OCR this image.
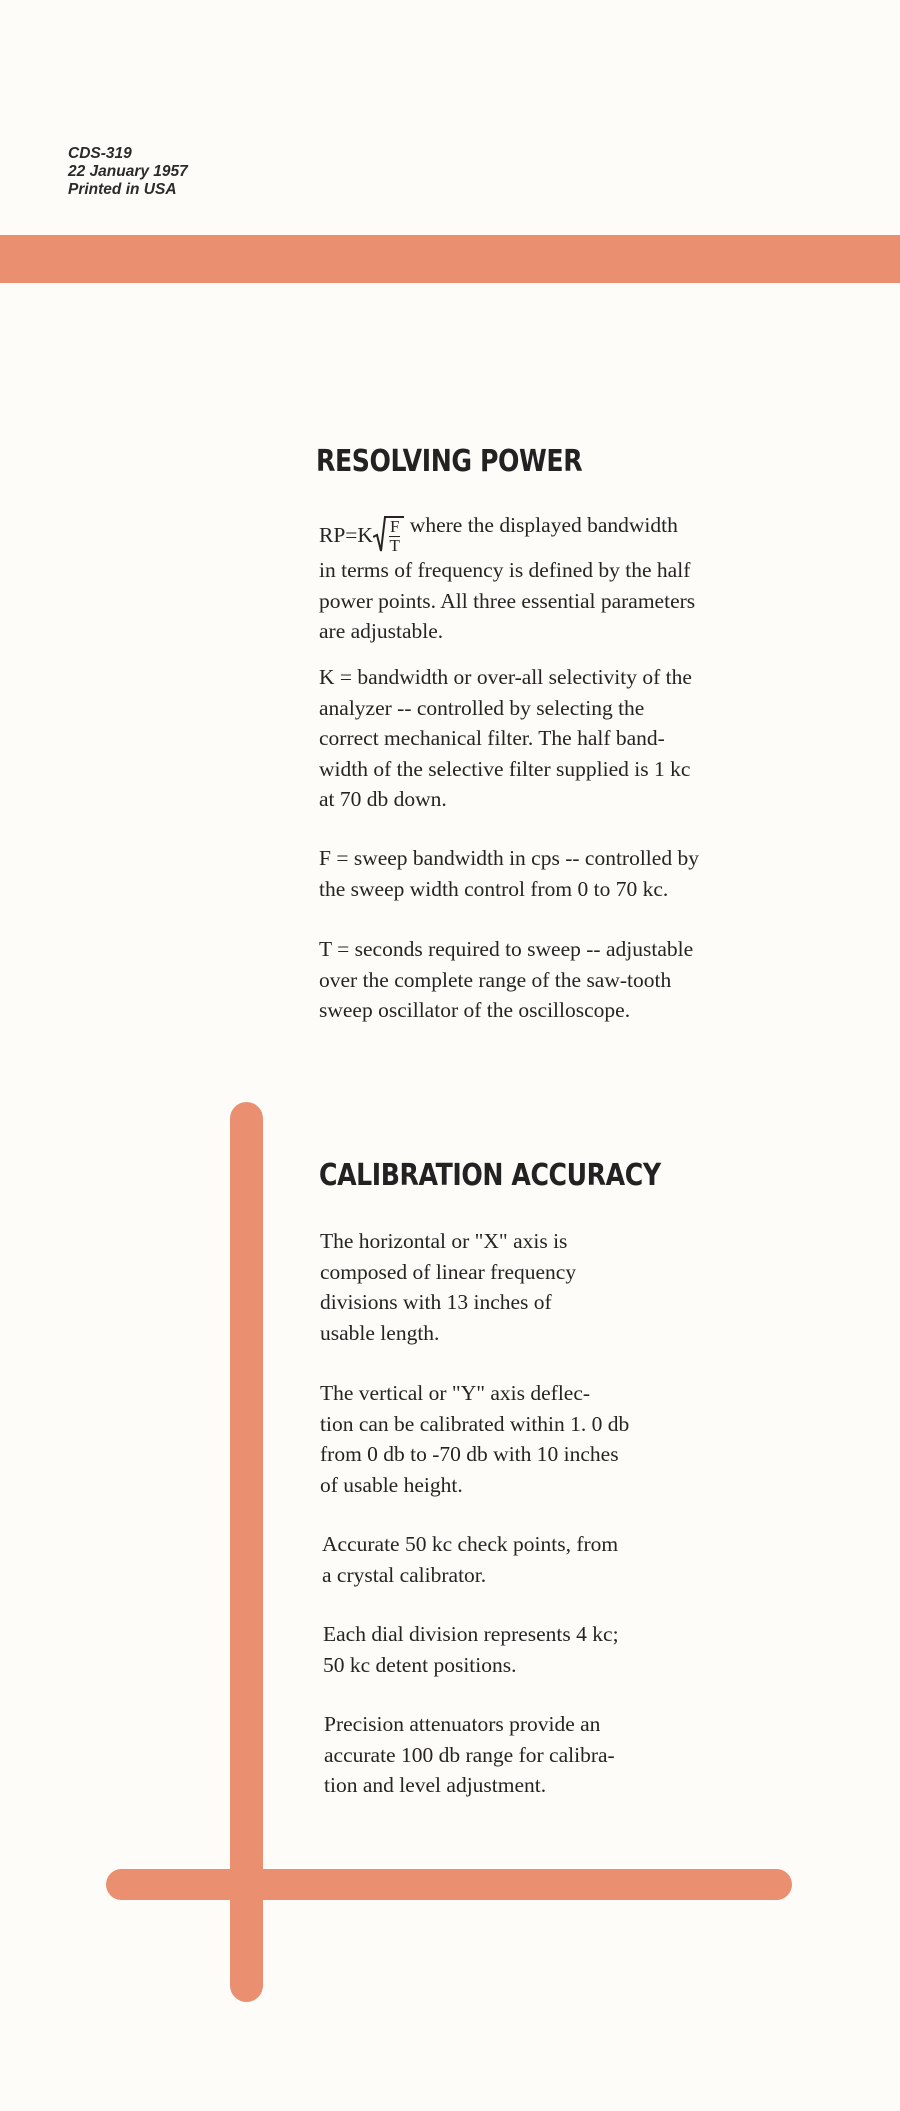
CDS-319
22 January 1957
Printed in USA
RESOLVING POWER
$RP=K \frac{F}{T}$ where the displayed bandwidth
in terms of frequency is defined by the half
power points. All three essential parameters
are adjustable.
K = bandwidth or over-all selectivity of the
analyzer -- controlled by selecting the
correct mechanical filter. The half band-
width of the selective filter supplied is 1 kc
at 70 db down.
F = sweep bandwidth in cps -- controlled by
the sweep width control from 0 to 70 kc.
T = seconds required to sweep -- adjustable
over the complete range of the saw-tooth
sweep oscillator of the oscilloscope.
CALIBRATION ACCURACY
The horizontal or "X" axis is
composed of linear frequency
divisions with 13 inches of
usable length.
The vertical or "Y" axis deflec-
tion can be calibrated within 1. 0 db
from 0 db to -70 db with 10 inches
of usable height.
Accurate 50 kc check points, from
a crystal calibrator.
Each dial division represents 4 kc;
50 kc detent positions.
Precision attenuators provide an
accurate 100 db range for calibra-
tion and level adjustment.
